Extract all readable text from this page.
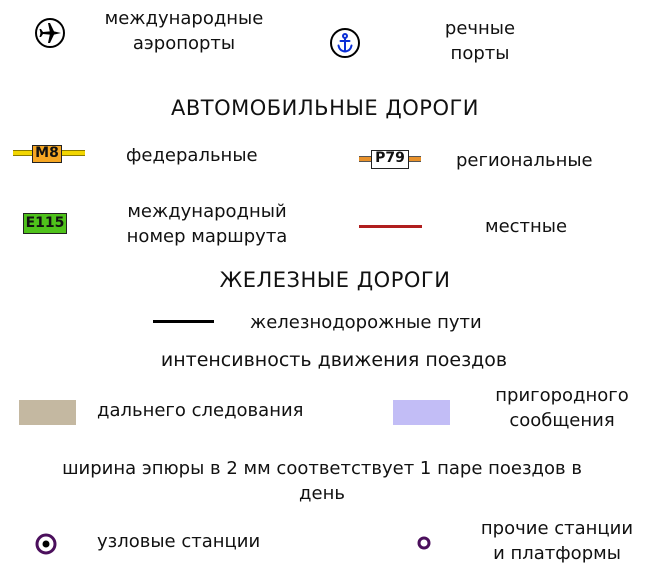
международные
аэропорты
речные
порты
АВТОМОБИЛЬНЫЕ ДОРОГИ
M8	федеральные	Р79	региональные
E115
международный
номер маршрута	местные
ЖЕЛЕЗНЫЕ ДОРОГИ
железнодорожные пути
интенсивность движения поездов
дальнего следования
пригородного
сообщения
ширина эпюры в 2 мм соответствует 1 паре поездов в
день
узловые станции
прочие станции
и платформы
